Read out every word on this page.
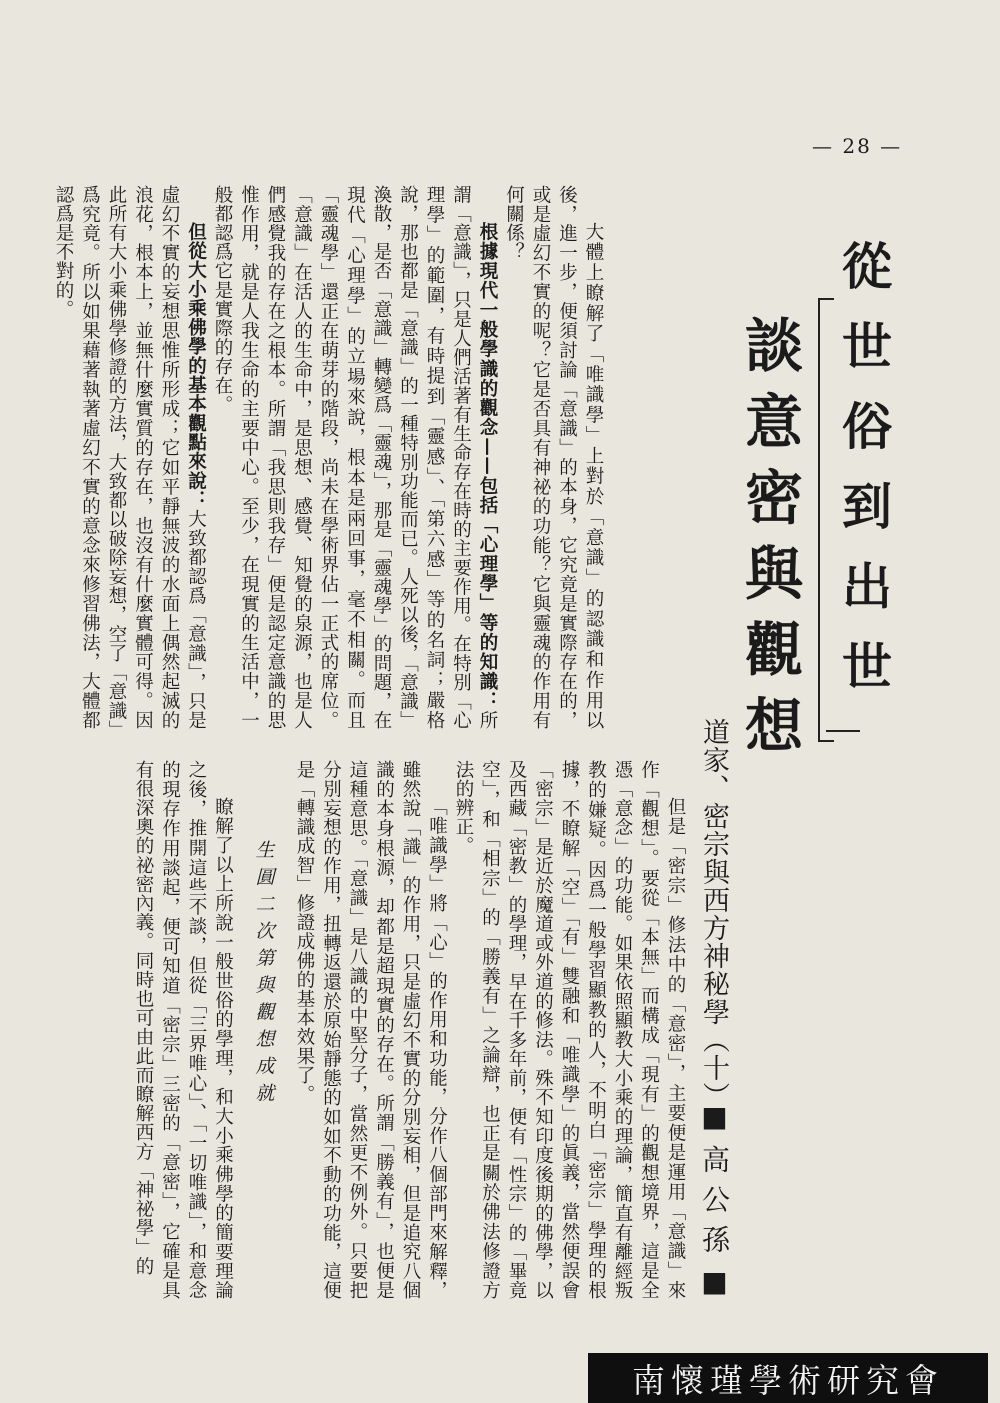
— 28 —
從世俗到出世
談意密與觀想
道家、密宗與西方神秘學（十）
■高公孫■

大體上瞭解了「唯識學」上對於「意識」的認識和作用以後，進一步，便須討論「意識」的本身，它究竟是實際存在的，或是虛幻不實的呢？它是否具有神祕的功能？它與靈魂的作用有何關係？

根據現代一般學識的觀念——包括「心理學」等的知識：所謂「意識」，只是人們活著有生命存在時的主要作用。在特別「心理學」的範圍，有時提到「靈感」、「第六感」等的名詞；嚴格說，那也都是「意識」的一種特別功能而已。人死以後，「意識」渙散，是否「意識」轉變爲「靈魂」，那是「靈魂學」的問題，在現代「心理學」的立場來說，根本是兩回事，毫不相關。而且「靈魂學」還正在萌芽的階段，尚未在學術界佔一正式的席位。「意識」在活人的生命中，是思想、感覺、知覺的泉源，也是人們感覺我的存在之根本。所謂「我思則我存」便是認定意識的思惟作用，就是人我生命的主要中心。至少，在現實的生活中，一般都認爲它是實際的存在。

但從大小乘佛學的基本觀點來說：大致都認爲「意識」，只是虛幻不實的妄想思惟所形成；它如平靜無波的水面上偶然起滅的浪花，根本上，並無什麼實質的存在，也沒有什麼實體可得。因此所有大小乘佛學修證的方法，大致都以破除妄想，空了「意識」爲究竟。所以如果藉著執著虛幻不實的意念來修習佛法，大體都認爲是不對的。

但是「密宗」修法中的「意密」，主要便是運用「意識」來作「觀想」。要從「本無」而構成「現有」的觀想境界，這是全憑「意念」的功能。如果依照顯教大小乘的理論，簡直有離經叛教的嫌疑。因爲一般學習顯教的人，不明白「密宗」學理的根據，不瞭解「空」「有」雙融和「唯識學」的眞義，當然便誤會「密宗」是近於魔道或外道的修法。殊不知印度後期的佛學，以及西藏「密教」的學理，早在千多年前，便有「性宗」的「畢竟空」，和「相宗」的「勝義有」之論辯，也正是關於佛法修證方法的辨正。

「唯識學」將「心」的作用和功能，分作八個部門來解釋，雖然說「識」的作用，只是虛幻不實的分別妄相，但是追究八個識的本身根源，却都是超現實的存在。所謂「勝義有」，也便是這種意思。「意識」是八識的中堅分子，當然更不例外。只要把分別妄想的作用，扭轉返還於原始靜態的如如不動的功能，這便是「轉識成智」修證成佛的基本效果了。

生圓二次第與觀想成就

瞭解了以上所說一般世俗的學理，和大小乘佛學的簡要理論之後，推開這些不談，但從「三界唯心」、「一切唯識」，和意念的現存作用談起，便可知道「密宗」三密的「意密」，它確是具有很深奧的祕密內義。同時也可由此而瞭解西方「神祕學」的

南懷瑾學術研究會
